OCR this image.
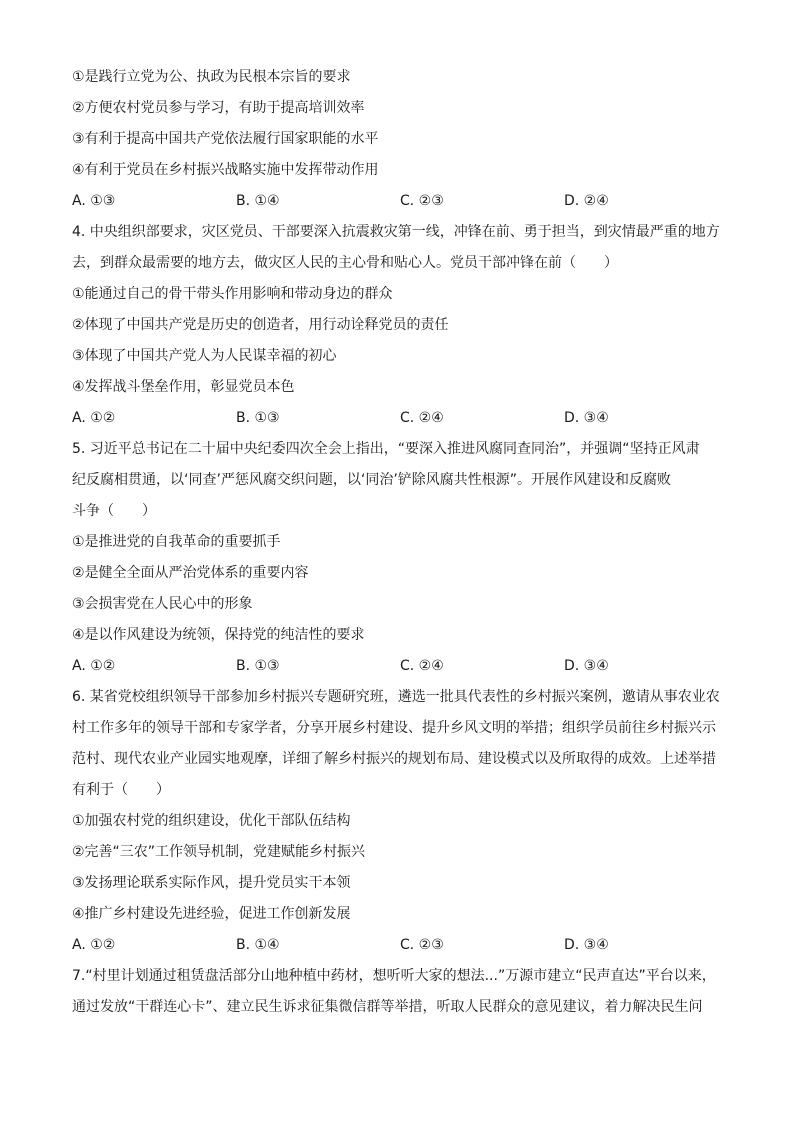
①是践行立党为公、执政为民根本宗旨的要求
②方便农村党员参与学习，有助于提高培训效率
③有利于提高中国共产党依法履行国家职能的水平
④有利于党员在乡村振兴战略实施中发挥带动作用
A. ①③	B. ①④	C. ②③	D. ②④
4. 中央组织部要求，灾区党员、干部要深入抗震救灾第一线，冲锋在前、勇于担当，到灾情最严重的地方
去，到群众最需要的地方去，做灾区人民的主心骨和贴心人。党员干部冲锋在前（　　）
①能通过自己的骨干带头作用影响和带动身边的群众
②体现了中国共产党是历史的创造者，用行动诠释党员的责任
③体现了中国共产党人为人民谋幸福的初心
④发挥战斗堡垒作用，彰显党员本色
A. ①②	B. ①③	C. ②④	D. ③④
5. 习近平总书记在二十届中央纪委四次全会上指出，“要深入推进风腐同查同治”，并强调“坚持正风肃
纪反腐相贯通，以‘同查’严惩风腐交织问题，以‘同治’铲除风腐共性根源”。开展作风建设和反腐败
斗争（　　）
①是推进党的自我革命的重要抓手
②是健全全面从严治党体系的重要内容
③会损害党在人民心中的形象
④是以作风建设为统领，保持党的纯洁性的要求
A. ①②	B. ①③	C. ②④	D. ③④
6. 某省党校组织领导干部参加乡村振兴专题研究班，遴选一批具代表性的乡村振兴案例，邀请从事农业农
村工作多年的领导干部和专家学者，分享开展乡村建设、提升乡风文明的举措；组织学员前往乡村振兴示
范村、现代农业产业园实地观摩，详细了解乡村振兴的规划布局、建设模式以及所取得的成效。上述举措
有利于（　　）
①加强农村党的组织建设，优化干部队伍结构
②完善“三农”工作领导机制，党建赋能乡村振兴
③发扬理论联系实际作风，提升党员实干本领
④推广乡村建设先进经验，促进工作创新发展
A. ①②	B. ①④	C. ②③	D. ③④
7.“村里计划通过租赁盘活部分山地种植中药材，想听听大家的想法...”万源市建立“民声直达”平台以来，
通过发放“干群连心卡”、建立民生诉求征集微信群等举措，听取人民群众的意见建议，着力解决民生问
